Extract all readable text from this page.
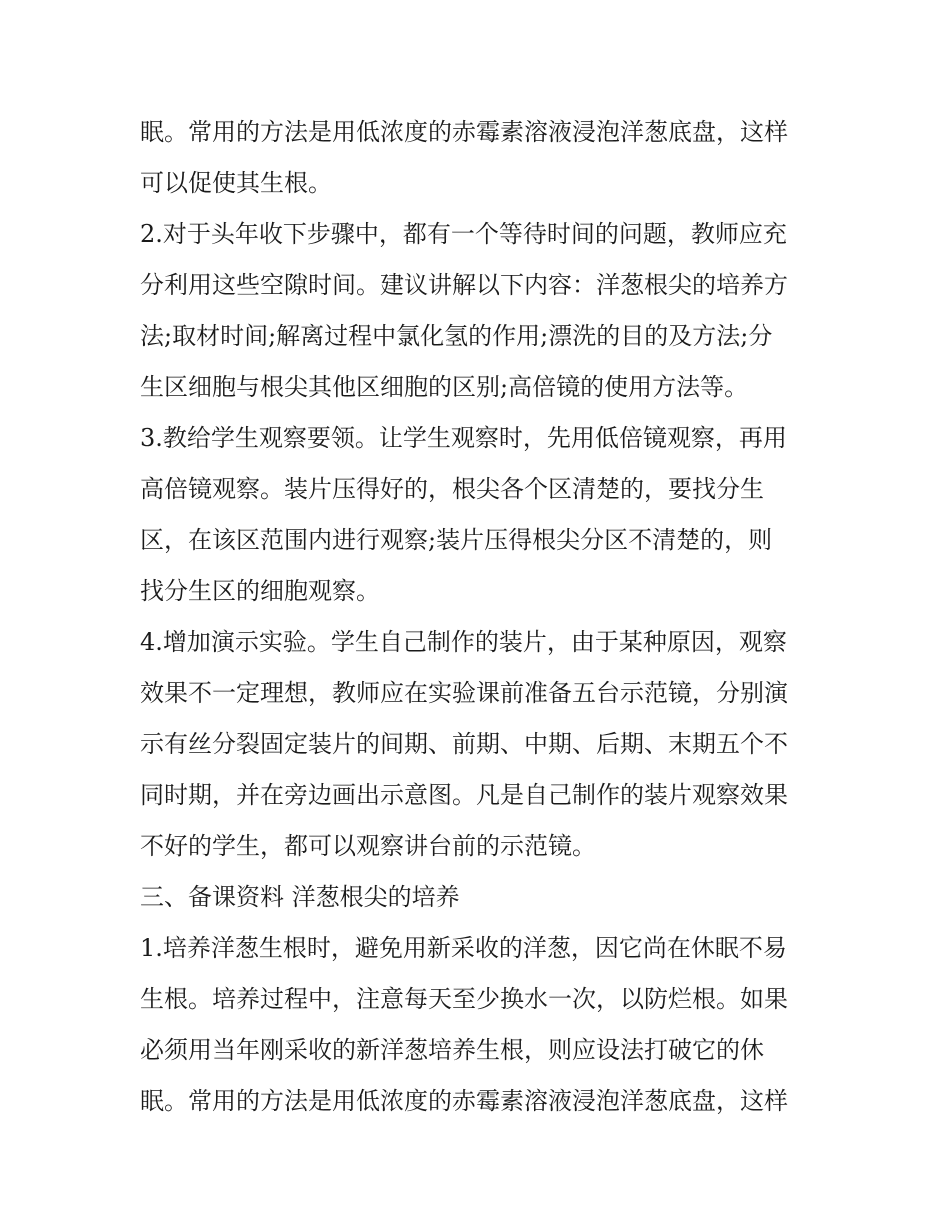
眠。常用的方法是用低浓度的赤霉素溶液浸泡洋葱底盘，这样
可以促使其生根。
2.对于头年收下步骤中，都有一个等待时间的问题，教师应充
分利用这些空隙时间。建议讲解以下内容：洋葱根尖的培养方
法;取材时间;解离过程中氯化氢的作用;漂洗的目的及方法;分
生区细胞与根尖其他区细胞的区别;高倍镜的使用方法等。
3.教给学生观察要领。让学生观察时，先用低倍镜观察，再用
高倍镜观察。装片压得好的，根尖各个区清楚的，要找分生
区，在该区范围内进行观察;装片压得根尖分区不清楚的，则
找分生区的细胞观察。
4.增加演示实验。学生自己制作的装片，由于某种原因，观察
效果不一定理想，教师应在实验课前准备五台示范镜，分别演
示有丝分裂固定装片的间期、前期、中期、后期、末期五个不
同时期，并在旁边画出示意图。凡是自己制作的装片观察效果
不好的学生，都可以观察讲台前的示范镜。
三、备课资料 洋葱根尖的培养
1.培养洋葱生根时，避免用新采收的洋葱，因它尚在休眠不易
生根。培养过程中，注意每天至少换水一次，以防烂根。如果
必须用当年刚采收的新洋葱培养生根，则应设法打破它的休
眠。常用的方法是用低浓度的赤霉素溶液浸泡洋葱底盘，这样
